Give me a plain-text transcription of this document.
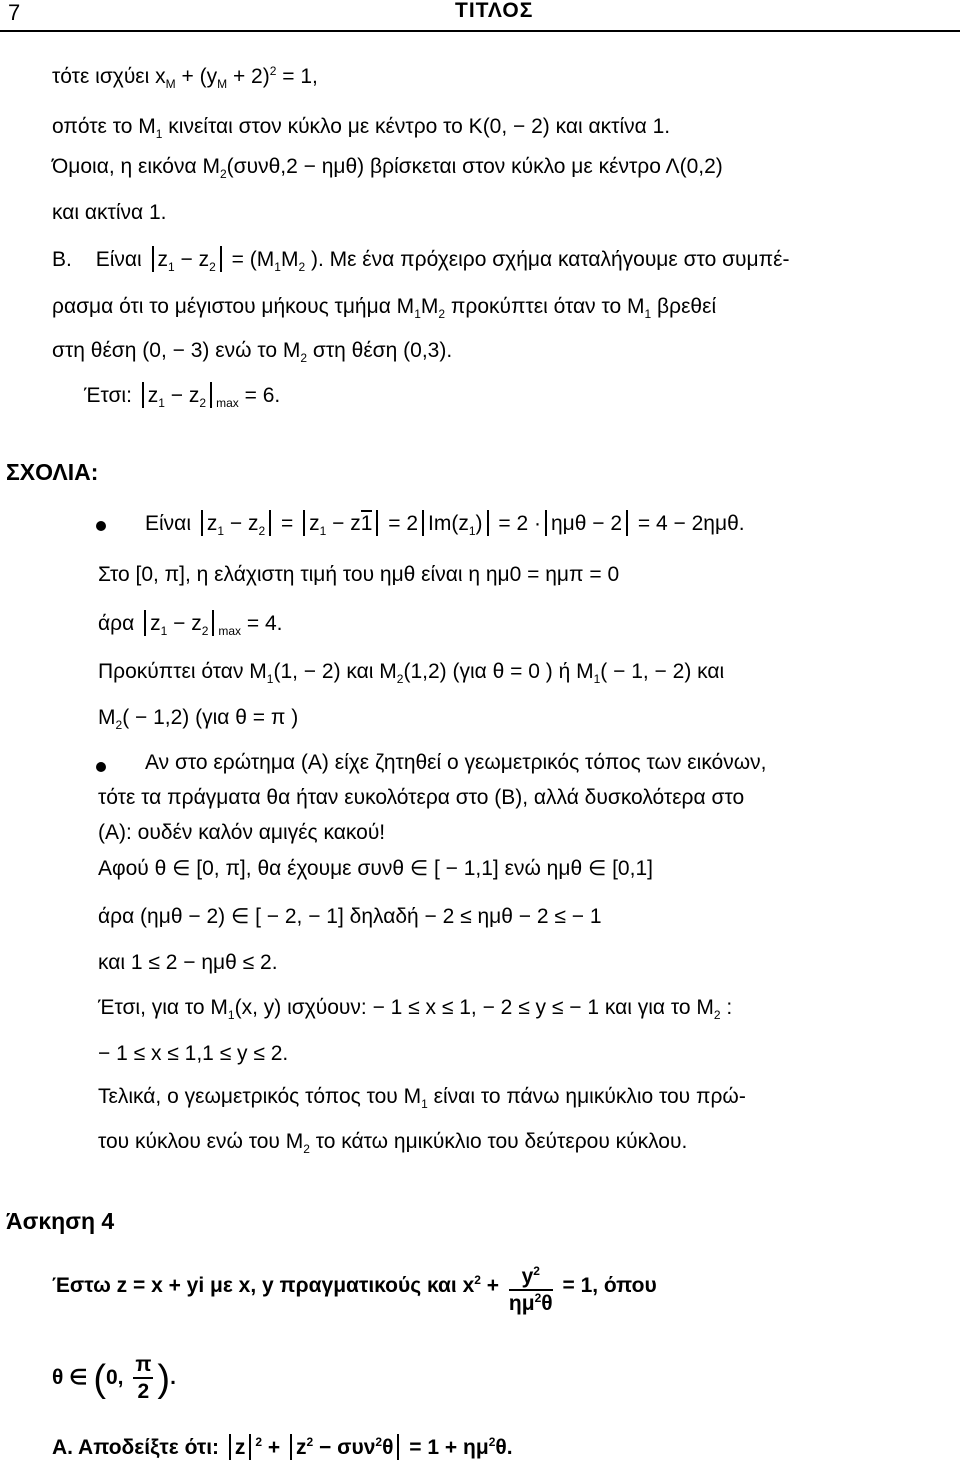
7	ΤΙΤΛΟΣ
τότε ισχύει $x_M + (y_M + 2)^2 = 1$,
οπότε το $M_1$ κινείται στον κύκλο με κέντρο το K(0, − 2) και ακτίνα 1.
Όμοια, η εικόνα $M_2(\sigma\upsilon\nu\theta,2 - \eta\mu\theta)$ βρίσκεται στον κύκλο με κέντρο Λ(0,2)
και ακτίνα 1.
B. Είναι $z_1 - z_2 = (M_1M_2$ ). Με ένα πρόχειρο σχήμα καταλήγουμε στο συμπέ-
ρασμα ότι το μέγιστου μήκους τμήμα $M_1M_2$ προκύπτει όταν το $M_1$ βρεθεί
στη θέση (0, − 3) ενώ το $M_2$ στη θέση (0,3).
Έτσι: $z_1 - z_2$ $_{max}$ = 6.
ΣΧΟΛΙΑ:
Είναι $z_1 - z_2 = z_1 - z1 = 2$ $Im(z_1) = 2 \cdot \eta\mu\theta - 2 = 4 - 2\eta\mu\theta$.
Στο [0, π], η ελάχιστη τιμή του ημθ είναι η ημ0 = ημπ = 0
άρα $z_1 - z_2$ $_{max}$ = 4.
Προκύπτει όταν $M_1(1$, − 2) και $M_2(1,2)$ (για θ = 0 ) ή $M_1( - 1$, − 2) και
$M_2( - 1,2)$ (για θ = π )
Αν στο ερώτημα (Α) είχε ζητηθεί ο γεωμετρικός τόπος των εικόνων,
τότε τα πράγματα θα ήταν ευκολότερα στο (Β), αλλά δυσκολότερα στο
(Α): ουδέν καλόν αμιγές κακού!
Αφού θ ∈ [0, π], θα έχουμε συνθ ∈ [ − 1,1] ενώ ημθ ∈ [0,1]
άρα (ημθ − 2) ∈ [ − 2, − 1] δηλαδή − 2 ≤ ημθ − 2 ≤ − 1
και 1 ≤ 2 − ημθ ≤ 2.
Έτσι, για το $M_1(x$, y) ισχύουν: − 1 ≤ x ≤ 1, − 2 ≤ y ≤ − 1 και για το $M_2$ :
− 1 ≤ x ≤ 1,1 ≤ y ≤ 2.
Τελικά, ο γεωμετρικός τόπος του $M_1$ είναι το πάνω ημικύκλιο του πρώ-
του κύκλου ενώ του $M_2$ το κάτω ημικύκλιο του δεύτερου κύκλου.
Άσκηση 4
Έστω z = x + yi με x, y πραγματικούς και $x^2 + \frac{y^2}{\eta\mu^2\theta} = 1$, όπου
θ ∈ (0, $\frac{\pi}{2}$ ).
Α. Αποδείξτε ότι: z $^2 + z^2 - \sigma\upsilon\nu^2\theta = 1 + \eta\mu^2\theta$.
